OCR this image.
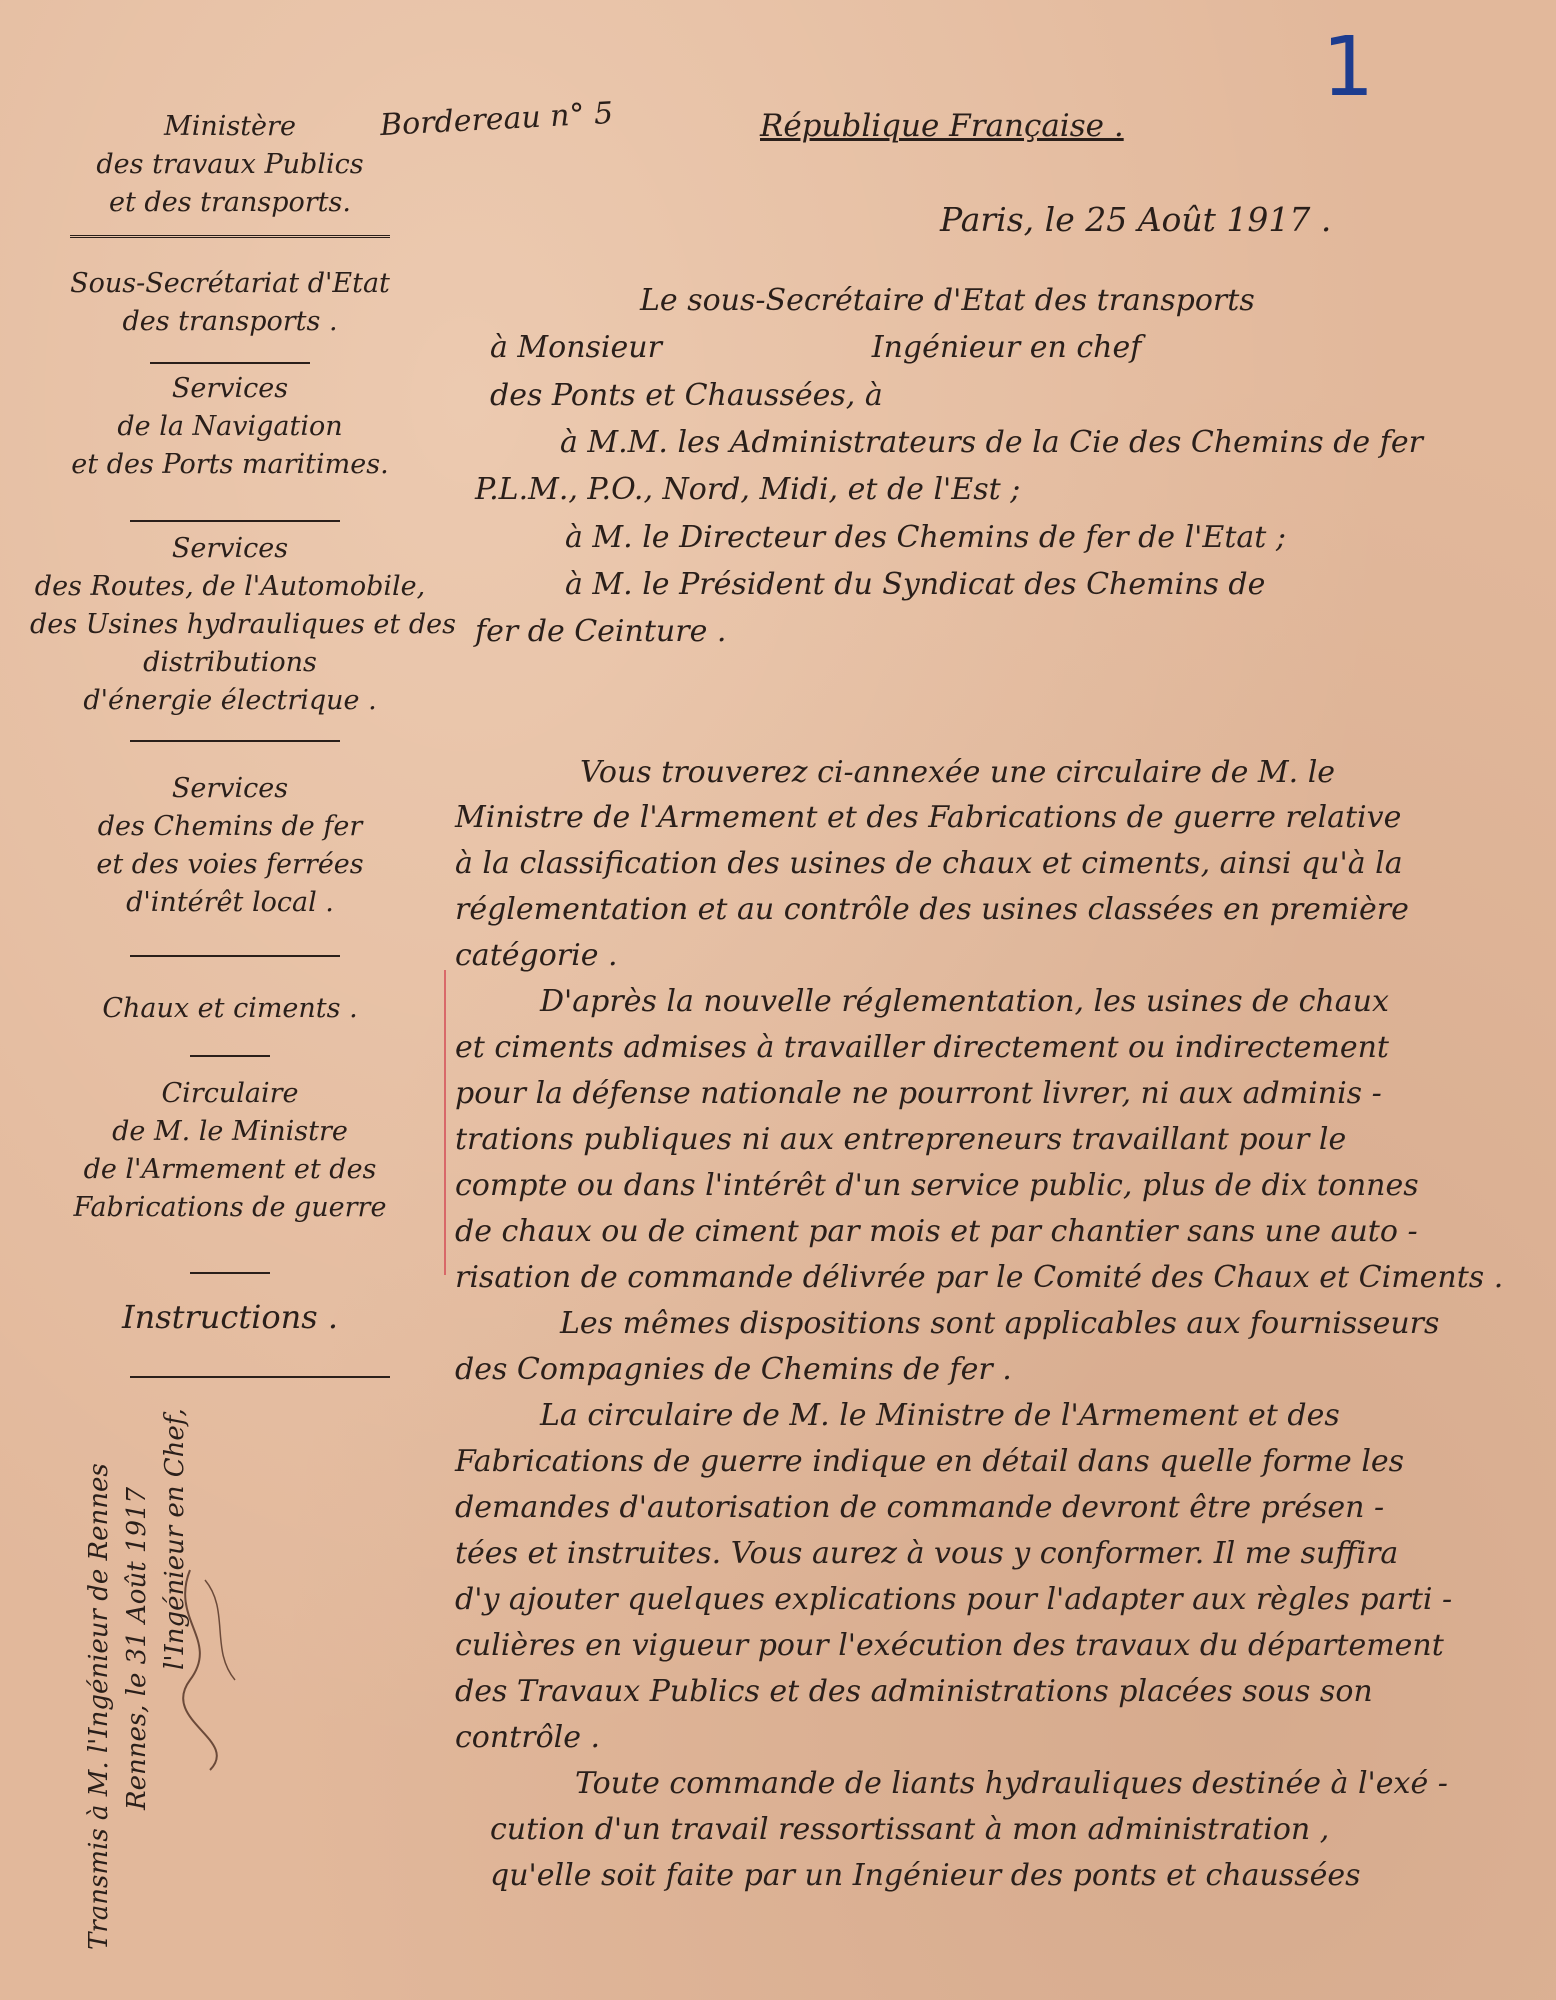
1
Bordereau n° 5
Ministère
des travaux Publics
et des transports.
Sous-Secrétariat d'Etat
des transports .
Services
de la Navigation
et des Ports maritimes.
Services
des Routes, de l'Automobile,
des Usines hydrauliques et des
distributions
d'énergie électrique .
Services
des Chemins de fer
et des voies ferrées
d'intérêt local .
Chaux et ciments .
Circulaire
de M. le Ministre
de l'Armement et des
Fabrications de guerre
Instructions .
République Française .
Paris, le 25 Août 1917 .
Le sous-Secrétaire d'Etat des transports
à Monsieur                      Ingénieur en chef
des Ponts et Chaussées, à
à M.M. les Administrateurs de la Cie des Chemins de fer
P.L.M., P.O., Nord, Midi, et de l'Est ;
à M. le Directeur des Chemins de fer de l'Etat ;
à M. le Président du Syndicat des Chemins de
fer de Ceinture .
Vous trouverez ci-annexée une circulaire de M. le
Ministre de l'Armement et des Fabrications de guerre relative
à la classification des usines de chaux et ciments, ainsi qu'à la
réglementation et au contrôle des usines classées en première
catégorie .
D'après la nouvelle réglementation, les usines de chaux
et ciments admises à travailler directement ou indirectement
pour la défense nationale ne pourront livrer, ni aux adminis -
trations publiques ni aux entrepreneurs travaillant pour le
compte ou dans l'intérêt d'un service public, plus de dix tonnes
de chaux ou de ciment par mois et par chantier sans une auto -
risation de commande délivrée par le Comité des Chaux et Ciments .
Les mêmes dispositions sont applicables aux fournisseurs
des Compagnies de Chemins de fer .
La circulaire de M. le Ministre de l'Armement et des
Fabrications de guerre indique en détail dans quelle forme les
demandes d'autorisation de commande devront être présen -
tées et instruites. Vous aurez à vous y conformer. Il me suffira
d'y ajouter quelques explications pour l'adapter aux règles parti -
culières en vigueur pour l'exécution des travaux du département
des Travaux Publics et des administrations placées sous son
contrôle .
Toute commande de liants hydrauliques destinée à l'exé -
cution d'un travail ressortissant à mon administration ,
qu'elle soit faite par un Ingénieur des ponts et chaussées
Transmis à M. l'Ingénieur de Rennes Rennes, le 31 Août 1917 l'Ingénieur en Chef,
